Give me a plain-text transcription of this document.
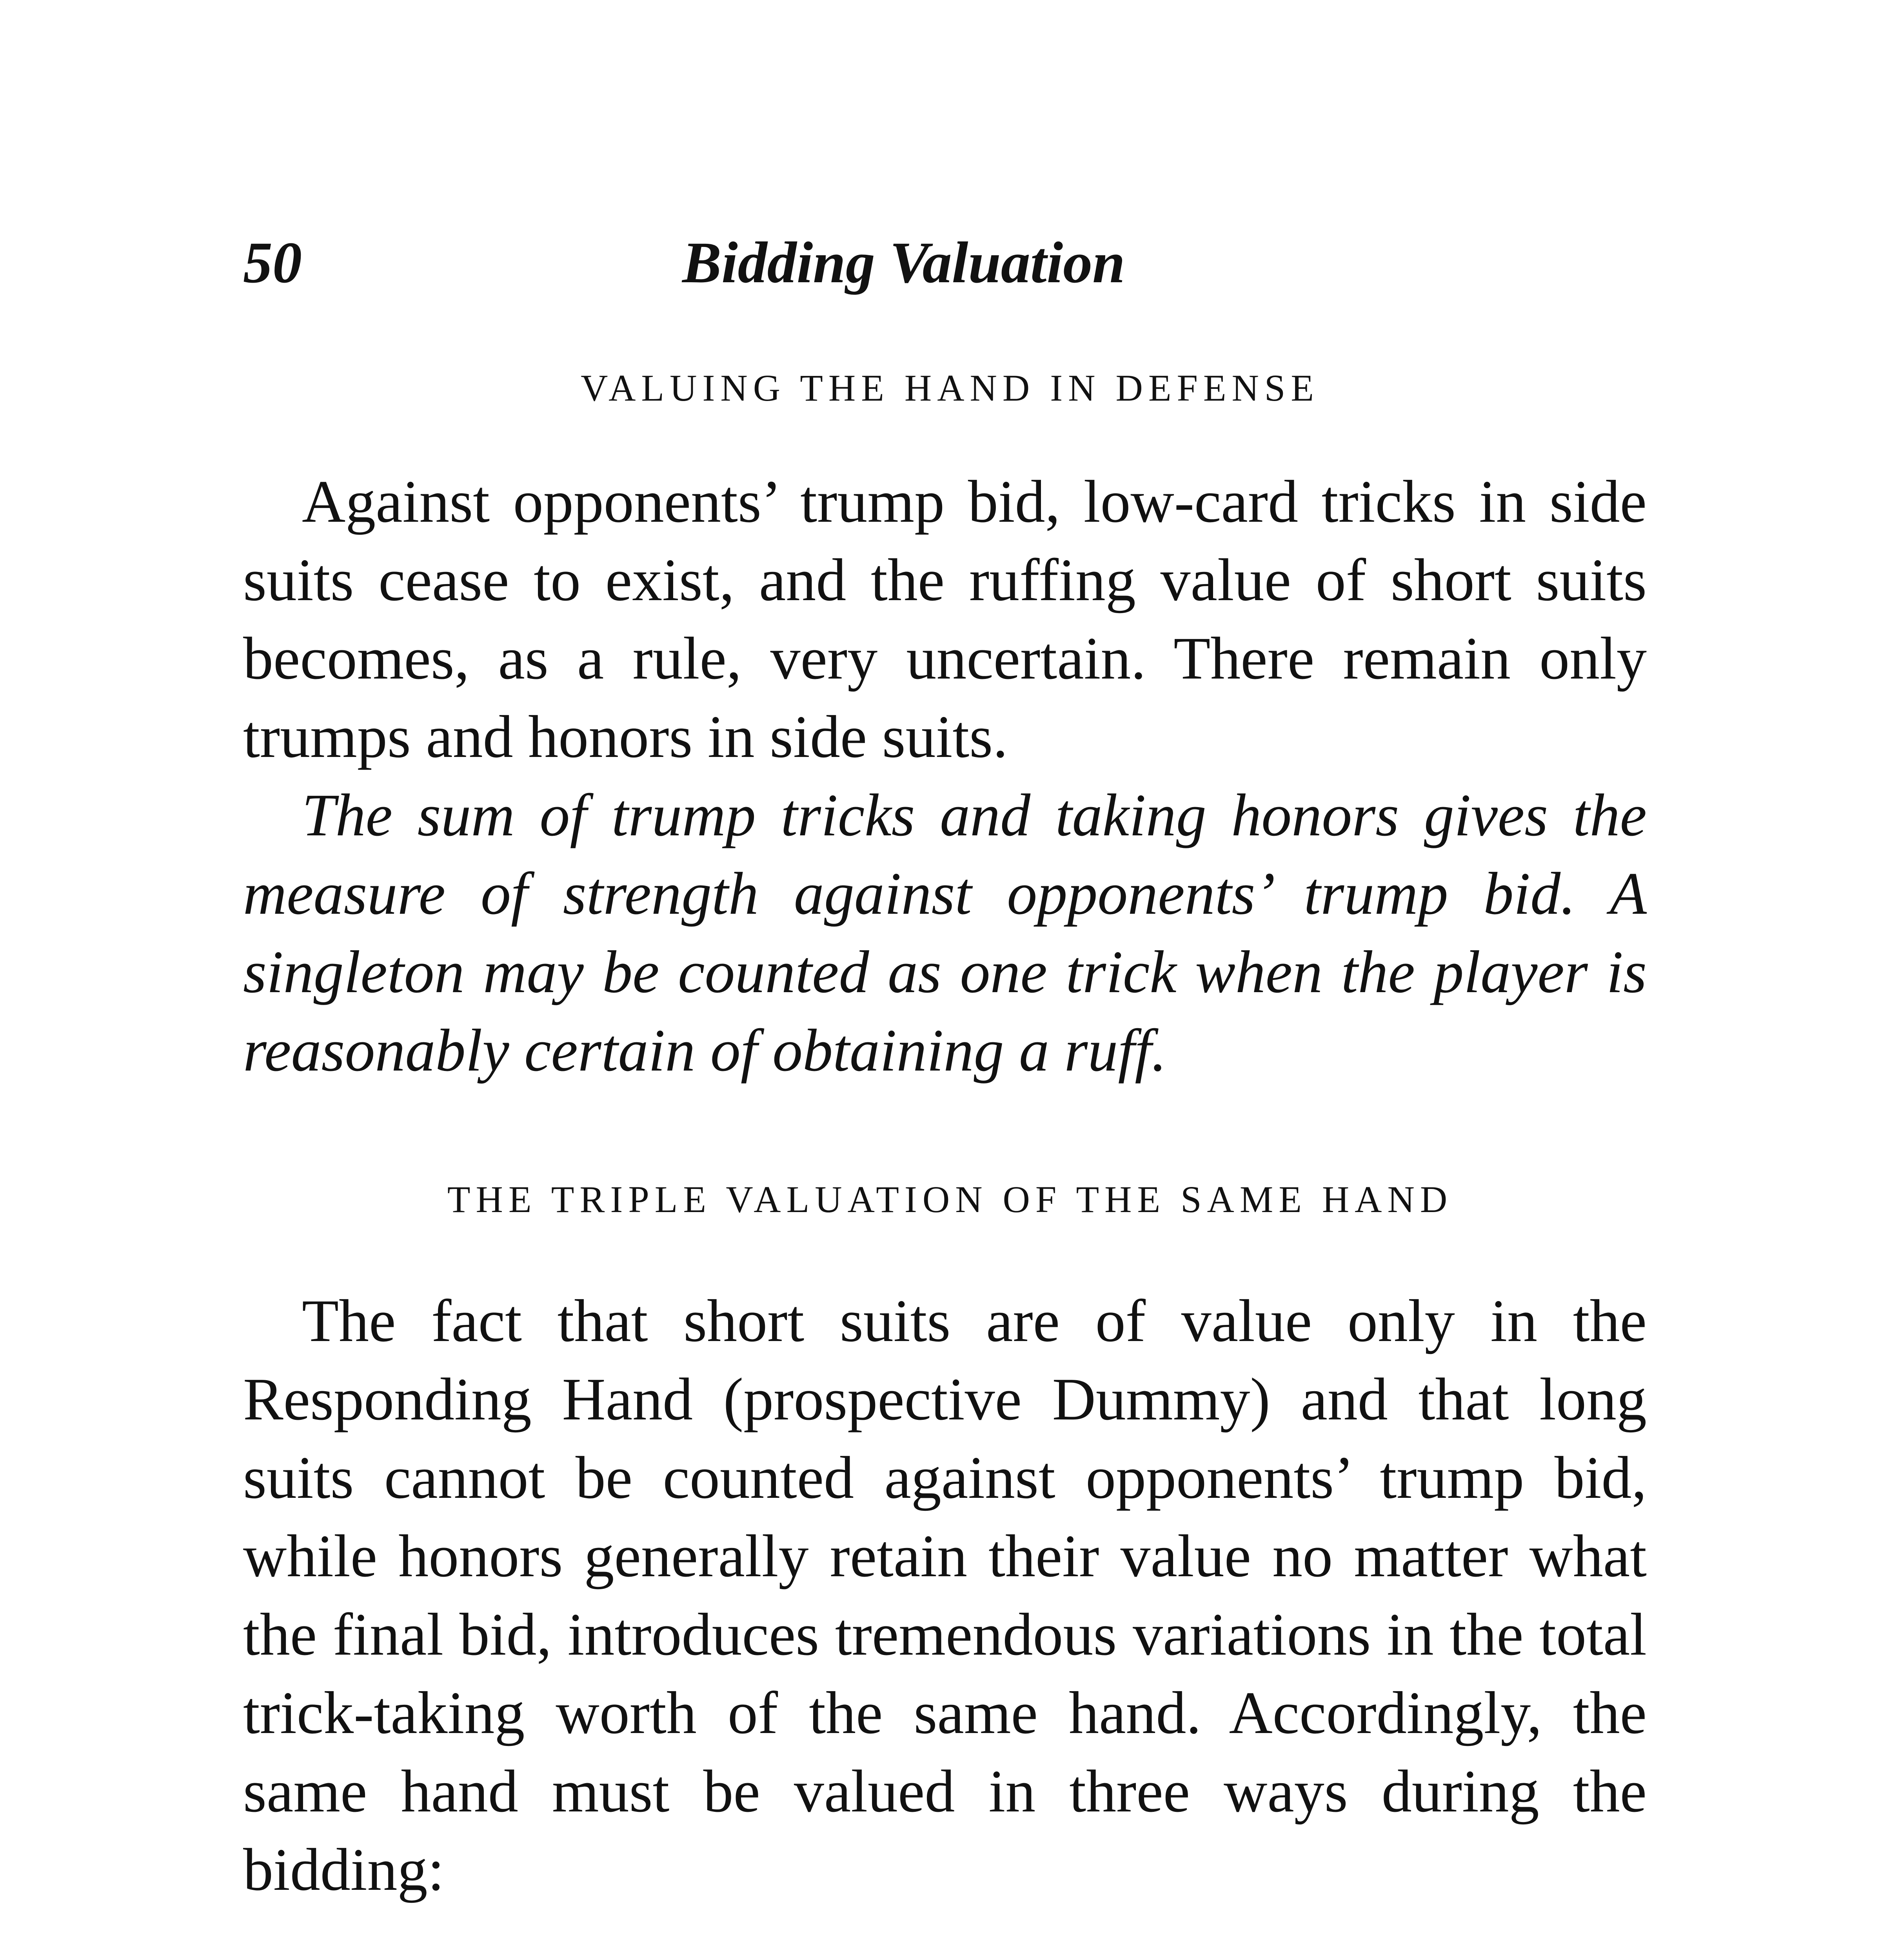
50	Bidding Valuation
VALUING THE HAND IN DEFENSE

Against opponents’ trump bid, low-card tricks in side suits cease to exist, and the ruffing value of short suits becomes, as a rule, very uncertain. There remain only trumps and honors in side suits.

The sum of trump tricks and taking honors gives the measure of strength against opponents’ trump bid. A singleton may be counted as one trick when the player is reasonably certain of obtaining a ruff.

THE TRIPLE VALUATION OF THE SAME HAND

The fact that short suits are of value only in the Responding Hand (prospective Dummy) and that long suits cannot be counted against opponents’ trump bid, while honors generally retain their value no matter what the final bid, introduces tremendous variations in the total trick-taking worth of the same hand. Accordingly, the same hand must be valued in three ways during the bidding:
